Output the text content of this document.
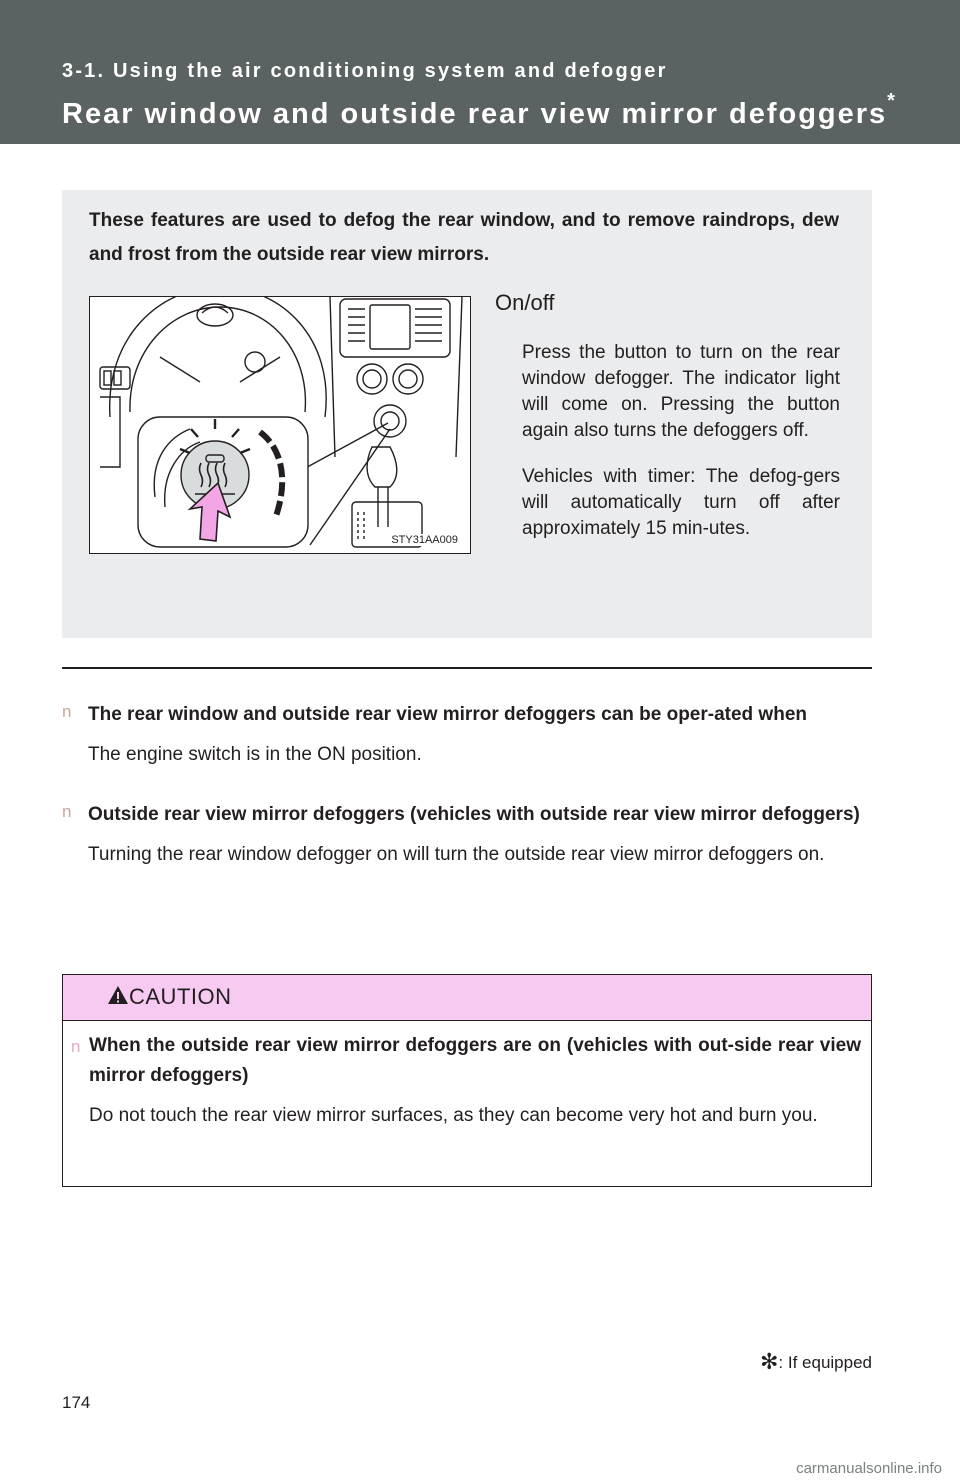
3-1. Using the air conditioning system and defogger
Rear window and outside rear view mirror defoggers*
These features are used to defog the rear window, and to remove raindrops, dew and frost from the outside rear view mirrors.
STY31AA009
On/off
Press the button to turn on the rear window defogger. The indicator light will come on. Pressing the button again also turns the defoggers off.
Vehicles with timer: The defog-gers will automatically turn off after approximately 15 min-utes.
n The rear window and outside rear view mirror defoggers can be oper-ated when
The engine switch is in the ON position.
n Outside rear view mirror defoggers (vehicles with outside rear view mirror defoggers)
Turning the rear window defogger on will turn the outside rear view mirror defoggers on.
CAUTION
n When the outside rear view mirror defoggers are on (vehicles with out-side rear view mirror defoggers)
Do not touch the rear view mirror surfaces, as they can become very hot and burn you.
✻: If equipped
174
carmanualsonline.info
